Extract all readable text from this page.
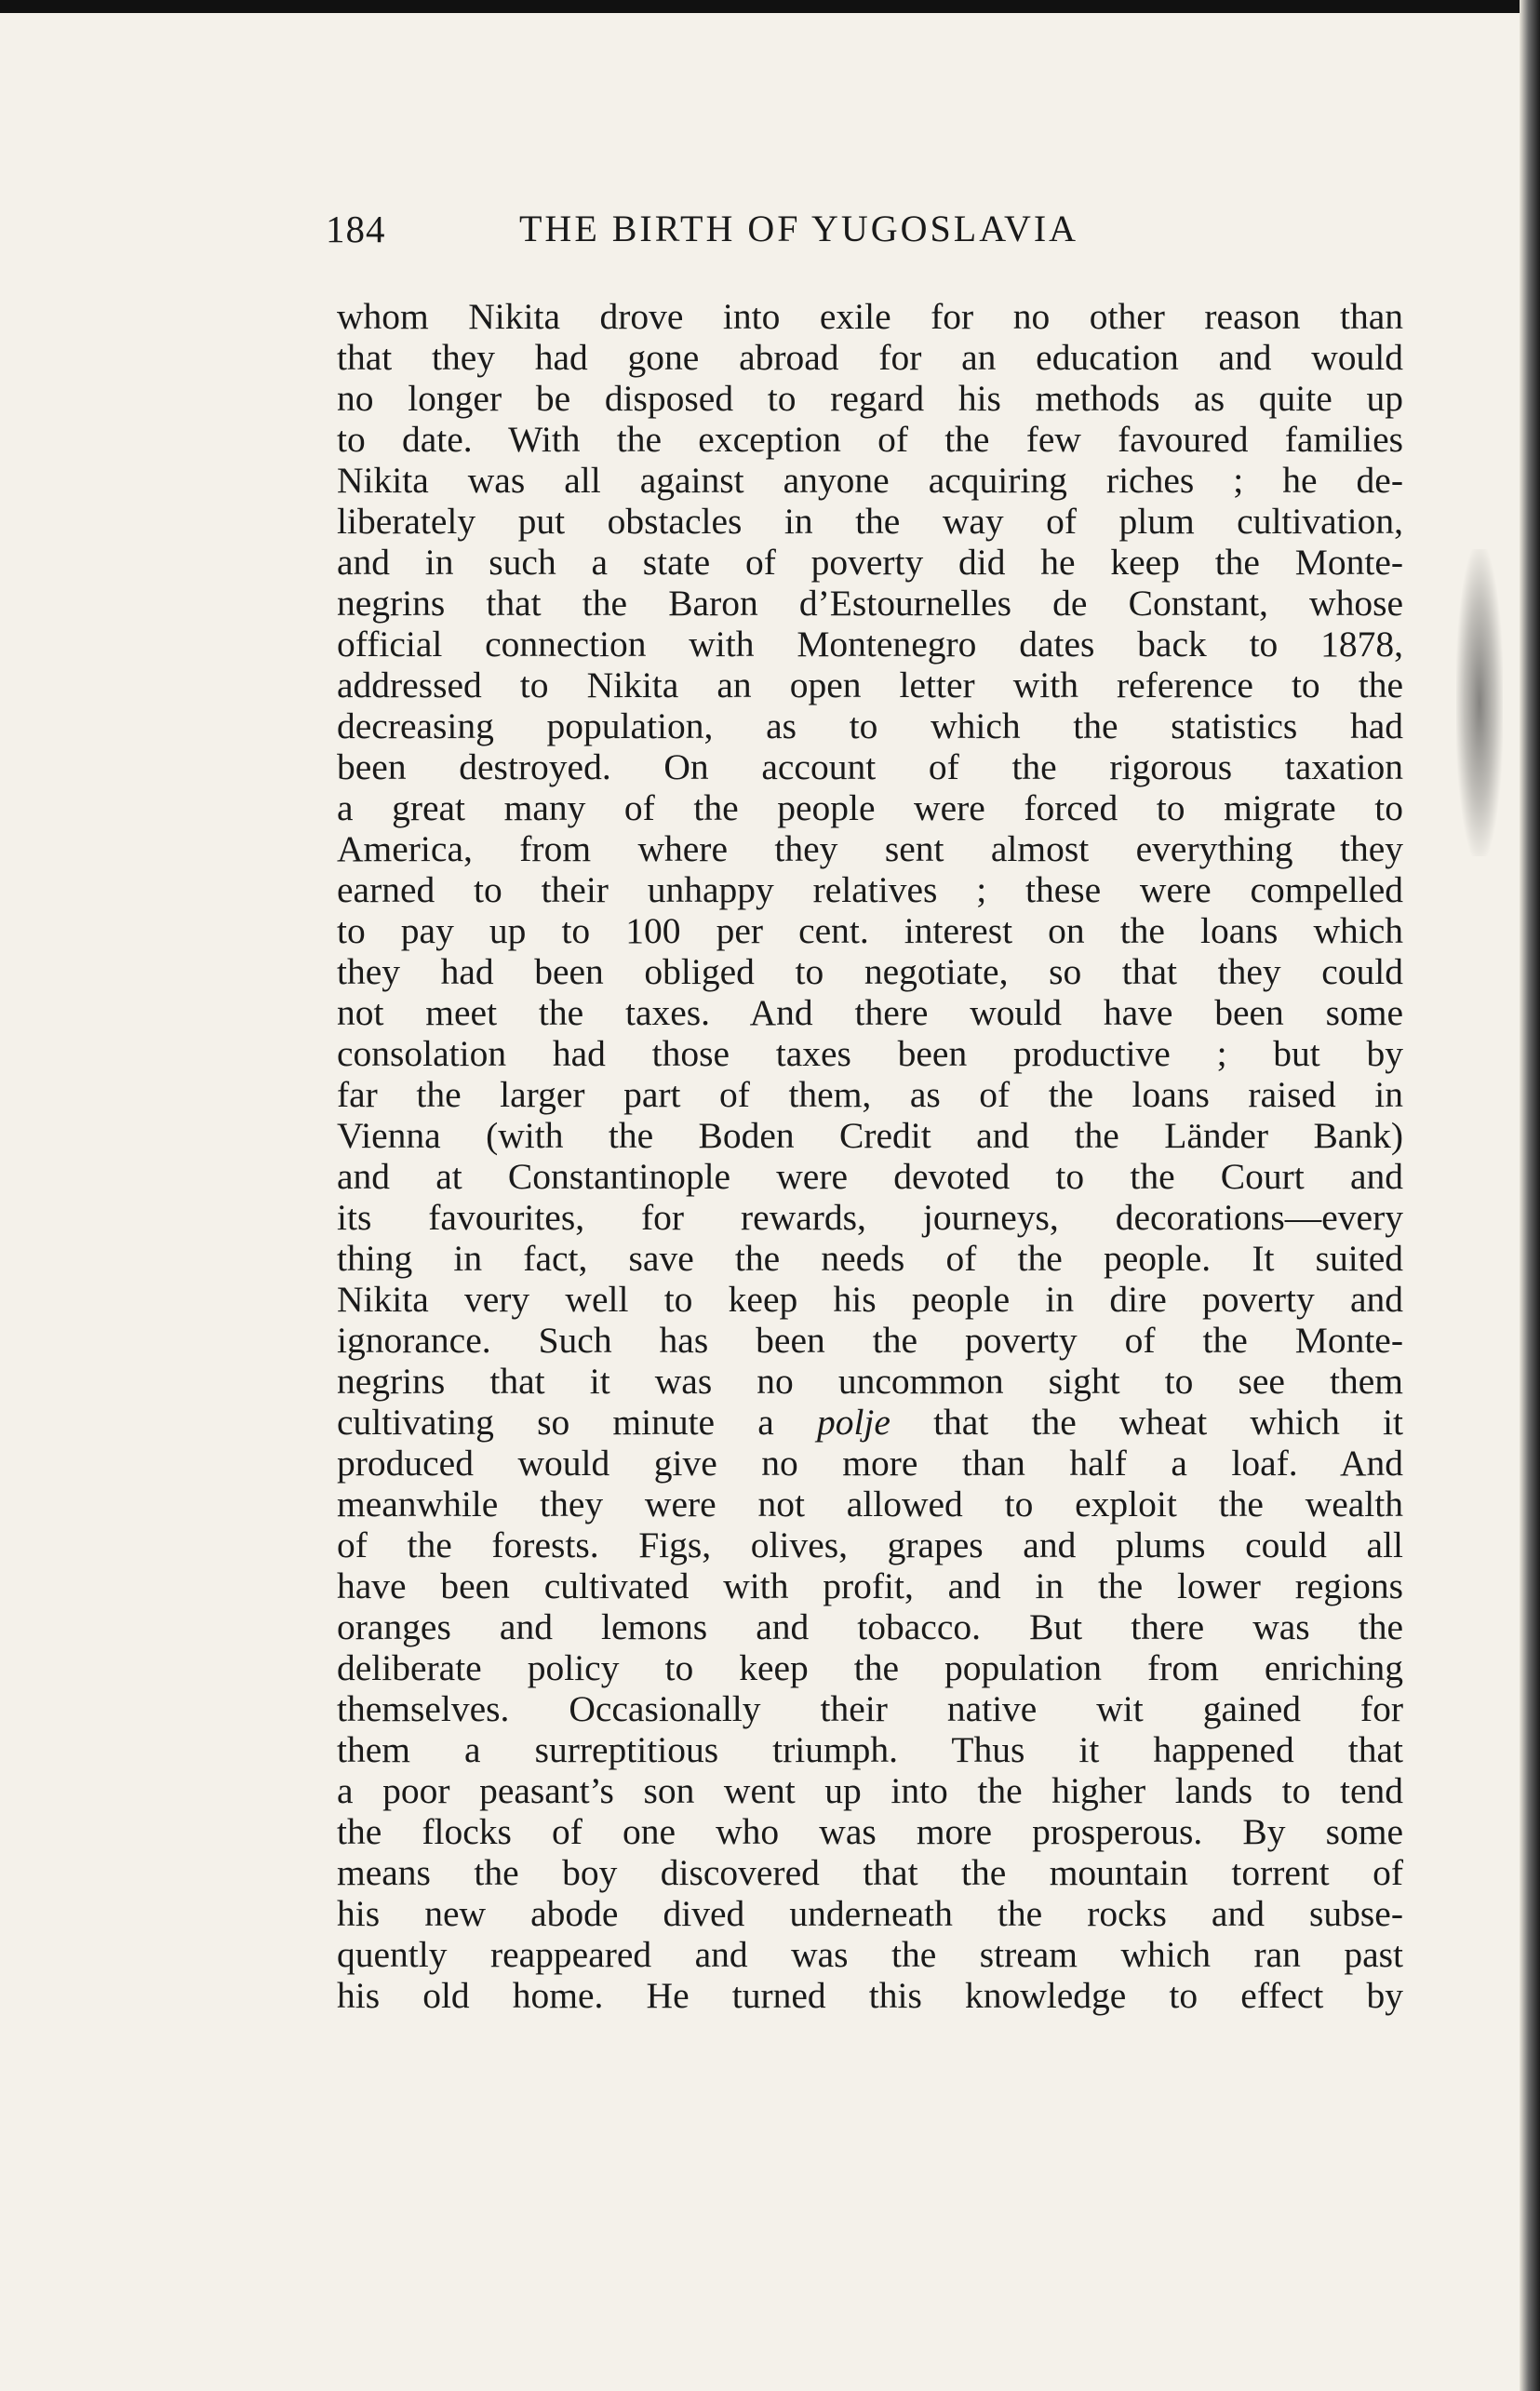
184	THE BIRTH OF YUGOSLAVIA
whom Nikita drove into exile for no other reason than
that they had gone abroad for an education and would
no longer be disposed to regard his methods as quite up
to date. With the exception of the few favoured families
Nikita was all against anyone acquiring riches ; he de-
liberately put obstacles in the way of plum cultivation,
and in such a state of poverty did he keep the Monte-
negrins that the Baron d’Estournelles de Constant, whose
official connection with Montenegro dates back to 1878,
addressed to Nikita an open letter with reference to the
decreasing population, as to which the statistics had
been destroyed. On account of the rigorous taxation
a great many of the people were forced to migrate to
America, from where they sent almost everything they
earned to their unhappy relatives ; these were compelled
to pay up to 100 per cent. interest on the loans which
they had been obliged to negotiate, so that they could
not meet the taxes. And there would have been some
consolation had those taxes been productive ; but by
far the larger part of them, as of the loans raised in
Vienna (with the Boden Credit and the Länder Bank)
and at Constantinople were devoted to the Court and
its favourites, for rewards, journeys, decorations—every
thing in fact, save the needs of the people. It suited
Nikita very well to keep his people in dire poverty and
ignorance. Such has been the poverty of the Monte-
negrins that it was no uncommon sight to see them
cultivating so minute a polje that the wheat which it
produced would give no more than half a loaf. And
meanwhile they were not allowed to exploit the wealth
of the forests. Figs, olives, grapes and plums could all
have been cultivated with profit, and in the lower regions
oranges and lemons and tobacco. But there was the
deliberate policy to keep the population from enriching
themselves. Occasionally their native wit gained for
them a surreptitious triumph. Thus it happened that
a poor peasant’s son went up into the higher lands to tend
the flocks of one who was more prosperous. By some
means the boy discovered that the mountain torrent of
his new abode dived underneath the rocks and subse-
quently reappeared and was the stream which ran past
his old home. He turned this knowledge to effect by
